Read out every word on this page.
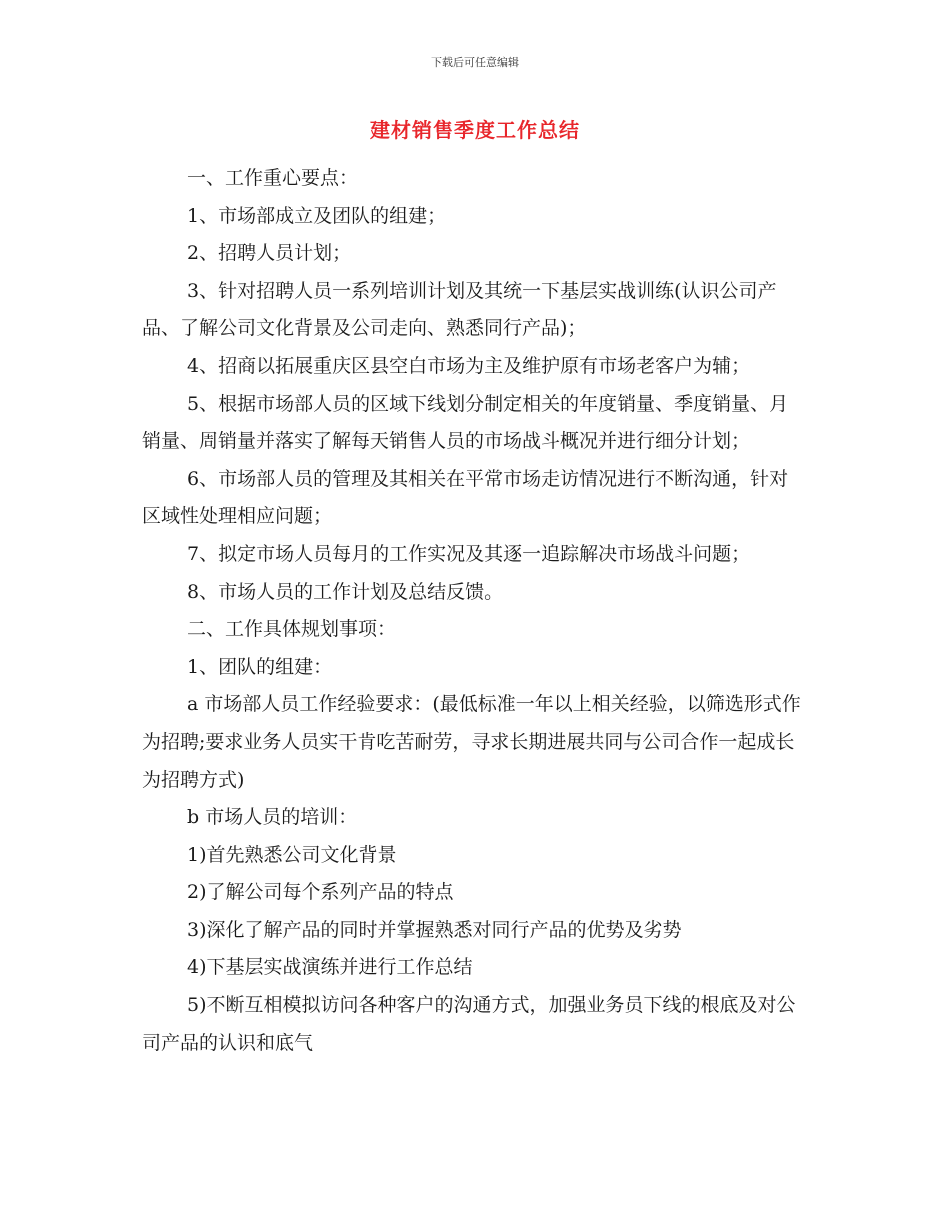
下载后可任意编辑
建材销售季度工作总结

一、工作重心要点：

1、市场部成立及团队的组建；

2、招聘人员计划；

3、针对招聘人员一系列培训计划及其统一下基层实战训练(认识公司产品、了解公司文化背景及公司走向、熟悉同行产品)；

4、招商以拓展重庆区县空白市场为主及维护原有市场老客户为辅；

5、根据市场部人员的区域下线划分制定相关的年度销量、季度销量、月销量、周销量并落实了解每天销售人员的市场战斗概况并进行细分计划；

6、市场部人员的管理及其相关在平常市场走访情况进行不断沟通，针对区域性处理相应问题；

7、拟定市场人员每月的工作实况及其逐一追踪解决市场战斗问题；

8、市场人员的工作计划及总结反馈。

二、工作具体规划事项：

1、团队的组建：

a 市场部人员工作经验要求：(最低标准一年以上相关经验，以筛选形式作为招聘;要求业务人员实干肯吃苦耐劳，寻求长期进展共同与公司合作一起成长为招聘方式)

b 市场人员的培训：

1)首先熟悉公司文化背景

2)了解公司每个系列产品的特点

3)深化了解产品的同时并掌握熟悉对同行产品的优势及劣势

4)下基层实战演练并进行工作总结

5)不断互相模拟访问各种客户的沟通方式，加强业务员下线的根底及对公司产品的认识和底气
